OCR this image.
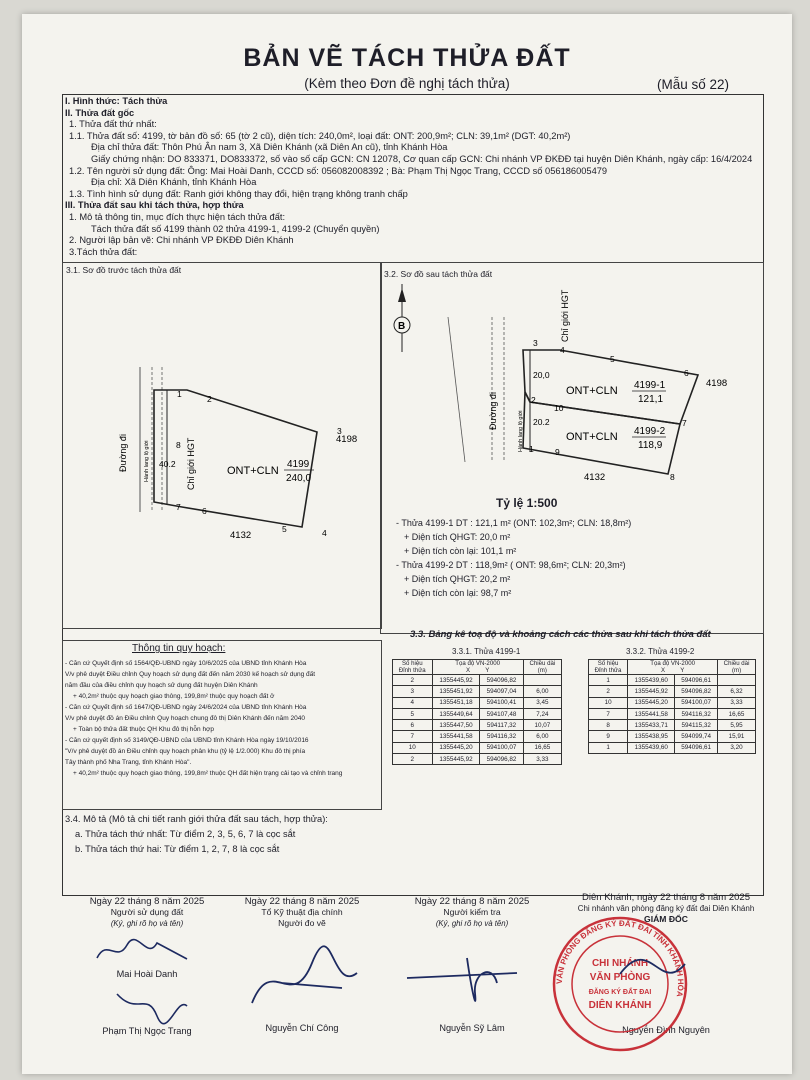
BẢN VẼ TÁCH THỬA ĐẤT
(Kèm theo Đơn đề nghị tách thửa)	(Mẫu số 22)
I. Hình thức: Tách thửa
II. Thửa đất gốc
1. Thửa đất thứ nhất:
1.1. Thửa đất số: 4199, tờ bản đồ số: 65 (tờ 2 cũ), diện tích: 240,0m², loại đất: ONT: 200,9m²; CLN: 39,1m² (DGT: 40,2m²)
Địa chỉ thửa đất: Thôn Phú Ân nam 3, Xã Diên Khánh (xã Diên An cũ), tỉnh Khánh Hòa
Giấy chứng nhận: DO 833371, DO833372, số vào số cấp GCN: CN 12078, Cơ quan cấp GCN: Chi nhánh VP ĐKĐĐ tại huyện Diên Khánh, ngày cấp: 16/4/2024
1.2. Tên người sử dụng đất: Ông: Mai Hoài Danh, CCCD số: 056082008392 ; Bà: Phạm Thị Ngọc Trang, CCCD số 056186005479
Địa chỉ: Xã Diên Khánh, tỉnh Khánh Hòa
1.3. Tình hình sử dụng đất: Ranh giới không thay đổi, hiện trạng không tranh chấp
III. Thửa đất sau khi tách thửa, hợp thửa
1. Mô tả thông tin, mục đích thực hiện tách thửa đất:
Tách thửa đất số 4199 thành 02 thửa 4199-1, 4199-2 (Chuyển quyền)
2. Người lập bản vẽ: Chi nhánh VP ĐKĐĐ Diên Khánh
3.Tách thửa đất:
3.1. Sơ đồ trước tách thửa đất
Đường đi	Hành lang lộ giới	Chỉ giới HGT	ONT+CLN
4199
240,0
40.2
4198
4132
1	2
3
4
5
6
7
8
3.2. Sơ đồ sau tách thửa đất
B
Đường đi	Hành lang lộ giới
Chỉ giới HGT
ONT+CLN 4199-1
121,1
ONT+CLN 4199-2
118,9
20,0
20.2
4198
4132
1
2
3
4
5
6
7
8
9
10
Tỷ lệ 1:500
- Thửa 4199-1 DT : 121,1 m² (ONT: 102,3m²; CLN: 18,8m²)
+ Diện tích QHGT: 20,0 m²
+ Diện tích còn lại: 101,1 m²
- Thửa 4199-2 DT : 118,9m² ( ONT: 98,6m²; CLN: 20,3m²)
+ Diện tích QHGT: 20,2 m²
+ Diện tích còn lại: 98,7 m²
Thông tin quy hoạch:
- Căn cứ Quyết định số 1564/QĐ-UBND ngày 10/6/2025 của UBND tỉnh Khánh Hòa
V/v phê duyệt Điều chỉnh Quy hoạch sử dụng đất đến năm 2030 kế hoạch sử dụng đất
năm đầu của điều chỉnh quy hoạch sử dụng đất huyện Diên Khánh
+ 40,2m² thuộc quy hoạch giao thông, 199,8m² thuộc quy hoạch đất ở
- Căn cứ Quyết định số 1647/QĐ-UBND ngày 24/6/2024 của UBND tỉnh Khánh Hòa
V/v phê duyệt đồ án Điều chỉnh Quy hoạch chung đô thị Diên Khánh đến năm 2040
+ Toàn bộ thửa đất thuộc QH Khu đô thị hỗn hợp
- Căn cứ quyết định số 3149/QĐ-UBND của UBND tỉnh Khánh Hòa ngày 19/10/2016
"V/v phê duyệt đồ án Điều chỉnh quy hoạch phân khu (tỷ lệ 1/2.000) Khu đô thị phía
Tây thành phố Nha Trang, tỉnh Khánh Hòa".
+ 40,2m² thuộc quy hoạch giao thông, 199,8m² thuộc QH đất hiện trạng cải tạo và chỉnh trang
3.3. Bảng kê toạ độ và khoảng cách các thửa sau khi tách thửa đất
3.3.1. Thửa 4199-1	3.3.2. Thửa 4199-2
Số hiệu
Đỉnh thửa	Tọa độ VN-2000
X Y		Chiều dài
(m)
2	1355445,92	594096,82	
3	1355451,92	594097,04	6,00
4	1355451,18	594100,41	3,45
5	1355449,64	594107,48	7,24
6	1355447,50	594117,32	10,07
7	1355441,58	594116,32	6,00
10	1355445,20	594100,07	16,65
2	1355445,92	594096,82	3,33
Số hiệu
Đỉnh thửa	Tọa độ VN-2000
X Y		Chiều dài
(m)
1	1355439,60	594096,61	
2	1355445,92	594096,82	6,32
10	1355445,20	594100,07	3,33
7	1355441,58	594116,32	16,65
8	1355433,71	594115,32	5,95
9	1355438,95	594099,74	15,91
1	1355439,60	594096,61	3,20
3.4. Mô tả (Mô tả chi tiết ranh giới thửa đất sau tách, hợp thửa):
a. Thửa tách thứ nhất: Từ điểm 2, 3, 5, 6, 7 là cọc sắt
b. Thửa tách thứ hai: Từ điểm 1, 2, 7, 8 là cọc sắt
Ngày 22 tháng 8 năm 2025
Người sử dụng đất
(Ký, ghi rõ họ và tên)
Mai Hoài Danh
Phạm Thị Ngọc Trang
Ngày 22 tháng 8 năm 2025
Tổ Kỹ thuật địa chính
Người đo vẽ
Nguyễn Chí Công
Ngày 22 tháng 8 năm 2025
Người kiểm tra
(Ký, ghi rõ họ và tên)
Nguyễn Sỹ Lâm
Diên Khánh, ngày 22 tháng 8 năm 2025
Chi nhánh văn phòng đăng ký đất đai Diên Khánh
GIÁM ĐỐC
Nguyễn Đình Nguyên
VĂN PHÒNG ĐĂNG KÝ ĐẤT ĐAI TỈNH KHÁNH HÒA
CHI NHÁNH
VĂN PHÒNG
ĐĂNG KÝ ĐẤT ĐAI
DIÊN KHÁNH
